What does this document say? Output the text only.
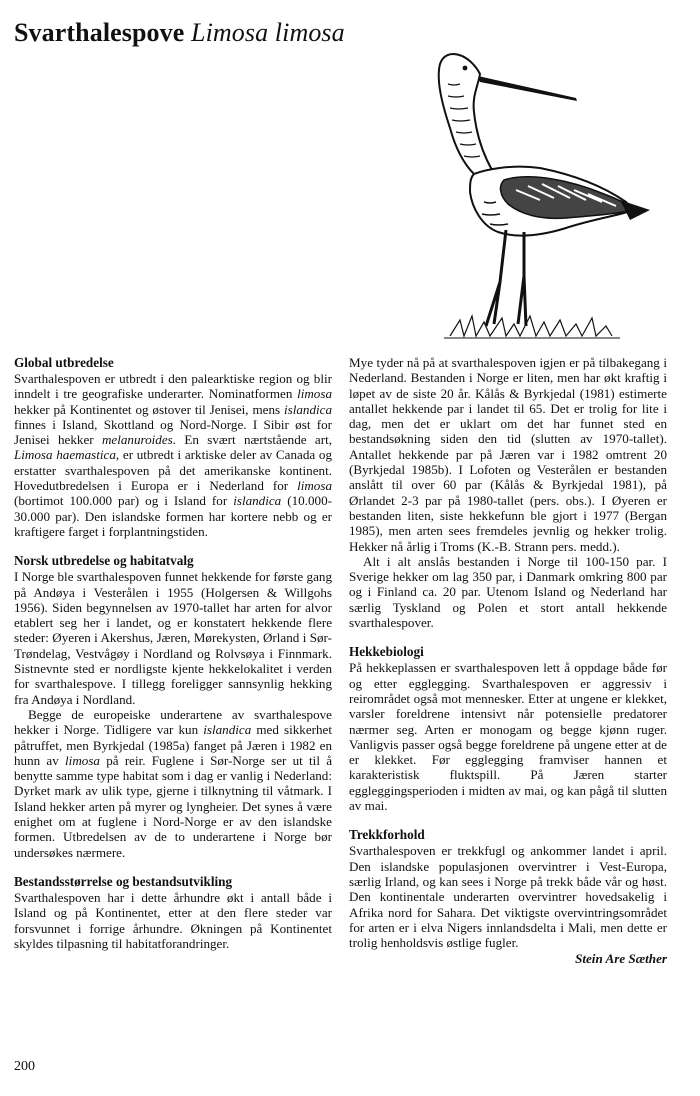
Svarthalespove Limosa limosa
Global utbredelse

Svarthalespoven er utbredt i den palearktiske region og blir inndelt i tre geografiske underarter. Nominatformen limosa hekker på Kontinentet og østover til Jenisei, mens islandica finnes i Island, Skottland og Nord-Norge. I Sibir øst for Jenisei hekker melanuroides. En svært nærtstående art, Limosa haemastica, er utbredt i arktiske deler av Canada og erstatter svarthalespoven på det amerikanske kontinent. Hovedutbredelsen i Europa er i Nederland for limosa (bortimot 100.000 par) og i Island for islandica (10.000-30.000 par). Den islandske formen har kortere nebb og er kraftigere farget i forplantningstiden.

Norsk utbredelse og habitatvalg

I Norge ble svarthalespoven funnet hekkende for første gang på Andøya i Vesterålen i 1955 (Holgersen & Willgohs 1956). Siden begynnelsen av 1970-tallet har arten for alvor etablert seg her i landet, og er konstatert hekkende flere steder: Øyeren i Akershus, Jæren, Mørekysten, Ørland i Sør-Trøndelag, Vestvågøy i Nordland og Rolvsøya i Finnmark. Sistnevnte sted er nordligste kjente hekkelokalitet i verden for svarthalespove. I tillegg foreligger sannsynlig hekking fra Andøya i Nordland.

Begge de europeiske underartene av svarthalespove hekker i Norge. Tidligere var kun islandica med sikkerhet påtruffet, men Byrkjedal (1985a) fanget på Jæren i 1982 en hunn av limosa på reir. Fuglene i Sør-Norge ser ut til å benytte samme type habitat som i dag er vanlig i Nederland: Dyrket mark av ulik type, gjerne i tilknytning til våtmark. I Island hekker arten på myrer og lyngheier. Det synes å være enighet om at fuglene i Nord-Norge er av den islandske formen. Utbredelsen av de to underartene i Norge bør undersøkes nærmere.

Bestandsstørrelse og bestandsutvikling

Svarthalespoven har i dette århundre økt i antall både i Island og på Kontinentet, etter at den flere steder var forsvunnet i forrige århundre. Økningen på Kontinentet skyldes tilpasning til habitatforandringer.

Mye tyder nå på at svarthalespoven igjen er på tilbakegang i Nederland. Bestanden i Norge er liten, men har økt kraftig i løpet av de siste 20 år. Kålås & Byrkjedal (1981) estimerte antallet hekkende par i landet til 65. Det er trolig for lite i dag, men det er uklart om det har funnet sted en bestandsøkning siden den tid (slutten av 1970-tallet). Antallet hekkende par på Jæren var i 1982 omtrent 20 (Byrkjedal 1985b). I Lofoten og Vesterålen er bestanden anslått til over 60 par (Kålås & Byrkjedal 1981), på Ørlandet 2-3 par på 1980-tallet (pers. obs.). I Øyeren er bestanden liten, siste hekkefunn ble gjort i 1977 (Bergan 1985), men arten sees fremdeles jevnlig og hekker trolig. Hekker nå årlig i Troms (K.-B. Strann pers. medd.).

Alt i alt anslås bestanden i Norge til 100-150 par. I Sverige hekker om lag 350 par, i Danmark omkring 800 par og i Finland ca. 20 par. Utenom Island og Nederland har særlig Tyskland og Polen et stort antall hekkende svarthalespover.

Hekkebiologi

På hekkeplassen er svarthalespoven lett å oppdage både før og etter egglegging. Svarthalespoven er aggressiv i reirområdet også mot mennesker. Etter at ungene er klekket, varsler foreldrene intensivt når potensielle predatorer nærmer seg. Arten er monogam og begge kjønn ruger. Vanligvis passer også begge foreldrene på ungene etter at de er klekket. Før egglegging framviser hannen et karakteristisk fluktspill. På Jæren starter eggleggingsperioden i midten av mai, og kan pågå til slutten av mai.

Trekkforhold

Svarthalespoven er trekkfugl og ankommer landet i april. Den islandske populasjonen overvintrer i Vest-Europa, særlig Irland, og kan sees i Norge på trekk både vår og høst. Den kontinentale underarten overvintrer hovedsakelig i Afrika nord for Sahara. Det viktigste overvintringsområdet for arten er i elva Nigers innlandsdelta i Mali, men dette er trolig henholdsvis østlige fugler.

Stein Are Sæther
200
